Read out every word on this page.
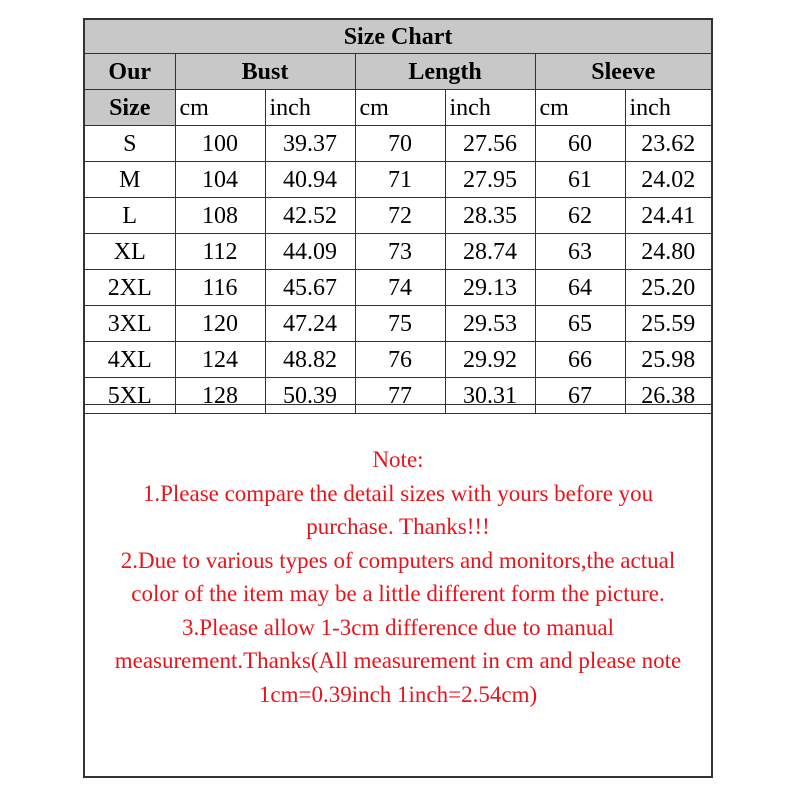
Size Chart						
Our	Bust		Length		Sleeve	
Size	cm	inch	cm	inch	cm	inch
S	100	39.37	70	27.56	60	23.62
M	104	40.94	71	27.95	61	24.02
L	108	42.52	72	28.35	62	24.41
XL	112	44.09	73	28.74	63	24.80
2XL	116	45.67	74	29.13	64	25.20
3XL	120	47.24	75	29.53	65	25.59
4XL	124	48.82	76	29.92	66	25.98
5XL	128	50.39	77	30.31	67	26.38

Note:

1.Please compare the detail sizes with yours before you purchase. Thanks!!!

2.Due to various types of computers and monitors,the actual color of the item may be a little different form the picture.

3.Please allow 1-3cm difference due to manual measurement.Thanks(All measurement in cm and please note 1cm=0.39inch 1inch=2.54cm)
